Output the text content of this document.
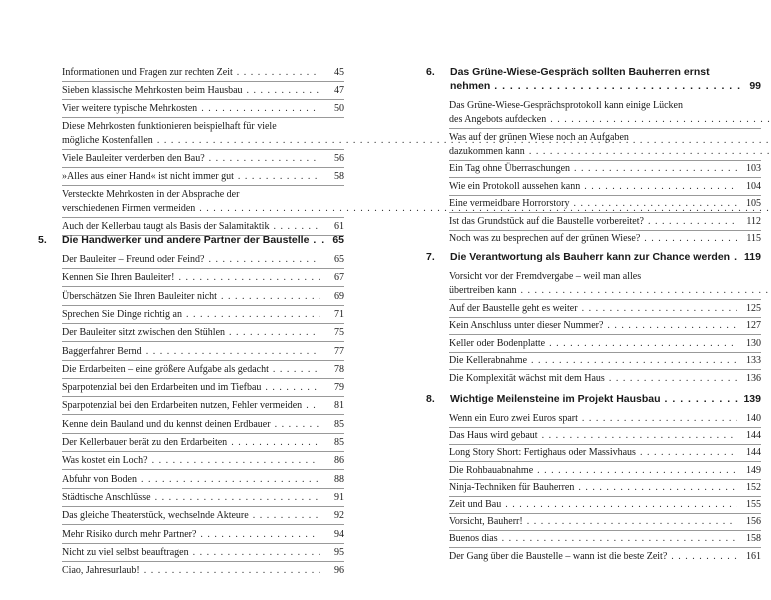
Informationen und Fragen zur rechten Zeit . . .	45
Sieben klassische Mehrkosten beim Hausbau . . .	47
Vier weitere typische Mehrkosten . . .	50
Diese Mehrkosten funktionieren beispielhaft für viele
mögliche Kostenfallen . . .
Viele Bauleiter verderben den Bau? . . .	56
»Alles aus einer Hand« ist nicht immer gut . . .	58
Versteckte Mehrkosten in der Absprache der
verschiedenen Firmen vermeiden . . .
Auch der Kellerbau taugt als Basis der Salamitaktik . . .	61
5.	Die Handwerker und andere Partner der Baustelle . . . 65
Der Bauleiter – Freund oder Feind? . . .	65
Kennen Sie Ihren Bauleiter! . . .	67
Überschätzen Sie Ihren Bauleiter nicht . . .	69
Sprechen Sie Dinge richtig an . . .	71
Der Bauleiter sitzt zwischen den Stühlen . . .	75
Baggerfahrer Bernd . . .	77
Die Erdarbeiten – eine größere Aufgabe als gedacht . . .	78
Sparpotenzial bei den Erdarbeiten und im Tiefbau . . .	79
Sparpotenzial bei den Erdarbeiten nutzen, Fehler vermeiden . . .	81
Kenne dein Bauland und du kennst deinen Erdbauer . . .	85
Der Kellerbauer berät zu den Erdarbeiten . . .	85
Was kostet ein Loch? . . .	86
Abfuhr von Boden . . .	88
Städtische Anschlüsse . . .	91
Das gleiche Theaterstück, wechselnde Akteure . . .	92
Mehr Risiko durch mehr Partner? . . .	94
Nicht zu viel selbst beauftragen . . .	95
Ciao, Jahresurlaub! . . .	96
6.	Das Grüne-Wiese-Gespräch sollten Bauherren ernst
nehmen . . .	99
Das Grüne-Wiese-Gesprächsprotokoll kann einige Lücken
des Angebots aufdecken . . .
Was auf der grünen Wiese noch an Aufgaben
dazukommen kann . . .
Ein Tag ohne Überraschungen . . .	103
Wie ein Protokoll aussehen kann . . .	104
Eine vermeidbare Horrorstory . . .	105
Ist das Grundstück auf die Baustelle vorbereitet? . . .	112
Noch was zu besprechen auf der grünen Wiese? . . .	115
7.	Die Verantwortung als Bauherr kann zur Chance werden . . . 119
Vorsicht vor der Fremdvergabe – weil man alles
übertreiben kann . . .
Auf der Baustelle geht es weiter . . .	125
Kein Anschluss unter dieser Nummer? . . .	127
Keller oder Bodenplatte . . .	130
Die Kellerabnahme . . .	133
Die Komplexität wächst mit dem Haus . . .	136
8.	Wichtige Meilensteine im Projekt Hausbau . . .	139
Wenn ein Euro zwei Euros spart . . .	140
Das Haus wird gebaut . . .	144
Long Story Short: Fertighaus oder Massivhaus . . .	144
Die Rohbauabnahme . . .	149
Ninja-Techniken für Bauherren . . .	152
Zeit und Bau . . .	155
Vorsicht, Bauherr! . . .	156
Buenos dias . . .	158
Der Gang über die Baustelle – wann ist die beste Zeit? . . .	161
